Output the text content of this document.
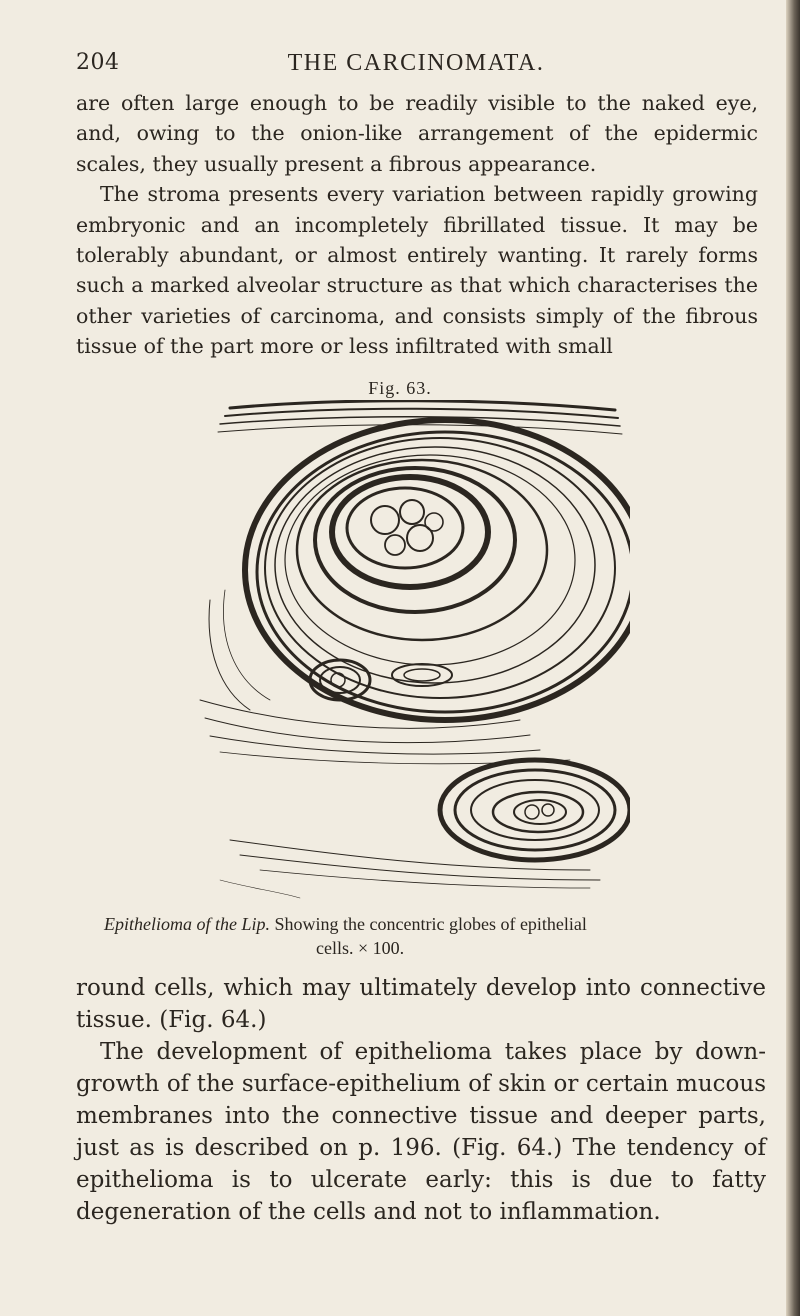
204	THE CARCINOMATA.
are often large enough to be readily visible to the naked eye, and, owing to the onion-like arrangement of the epidermic scales, they usually present a fibrous appearance.
The stroma presents every variation between rapidly growing embryonic and an incompletely fibrillated tissue. It may be tolerably abundant, or almost entirely wanting. It rarely forms such a marked alveolar structure as that which characterises the other varieties of carcinoma, and consists simply of the fibrous tissue of the part more or less infiltrated with small
Fig. 63.

Epithelioma of the Lip. Showing the concentric globes of epithelial
cells. × 100.

round cells, which may ultimately develop into connective tissue. (Fig. 64.)
The development of epithelioma takes place by down-growth of the surface-epithelium of skin or certain mucous membranes into the connective tissue and deeper parts, just as is described on p. 196. (Fig. 64.) The tendency of epithelioma is to ulcerate early: this is due to fatty degeneration of the cells and not to inflammation.
